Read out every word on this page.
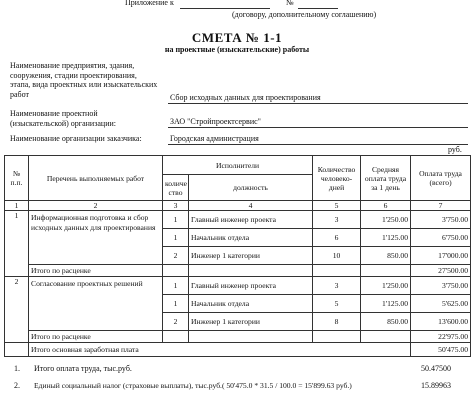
Приложение к	№
(договору, дополнительному соглашению)
СМЕТА № 1-1
на проектные (изыскательские) работы
Наименование предприятия, здания,
сооружения, стадии проектирования,
этапа, вида проектных или изыскательских
работ	Сбор исходных данных для проектирования
Наименование проектной
(изыскательской) организации:	ЗАО "Стройпроектсервис"
Наименование организации заказчика:	Городская администрация
руб.
№ п.п.	Перечень выполняемых работ	Исполнители		Количество человеко-дней	Средняя оплата труда за 1 день	Оплата труда (всего)
		количе ство	должность			
1	2	3	4	5	6	7
1	Информационная подготовка и сбор исходных данных для проектирования	1	Главный инженер проекта	3	1'250.00	3'750.00
		1	Начальник отдела	6	1'125.00	6'750.00
		2	Инженер 1 категории	10	850.00	17'000.00
	Итого по расценке					27'500.00
2	Согласование проектных решений	1	Главный инженер проекта	3	1'250.00	3'750.00
		1	Начальник отдела	5	1'125.00	5'625.00
		2	Инженер 1 категории	8	850.00	13'600.00
	Итого по расценке					22'975.00
	Итого основная заработная плата					50'475.00
1. Итого оплата труда, тыс.руб.	50.47500
2. Единый социальный налог (страховые выплаты), тыс.руб.( 50'475.0 * 31.5 / 100.0 = 15'899.63 руб.)	15.89963
